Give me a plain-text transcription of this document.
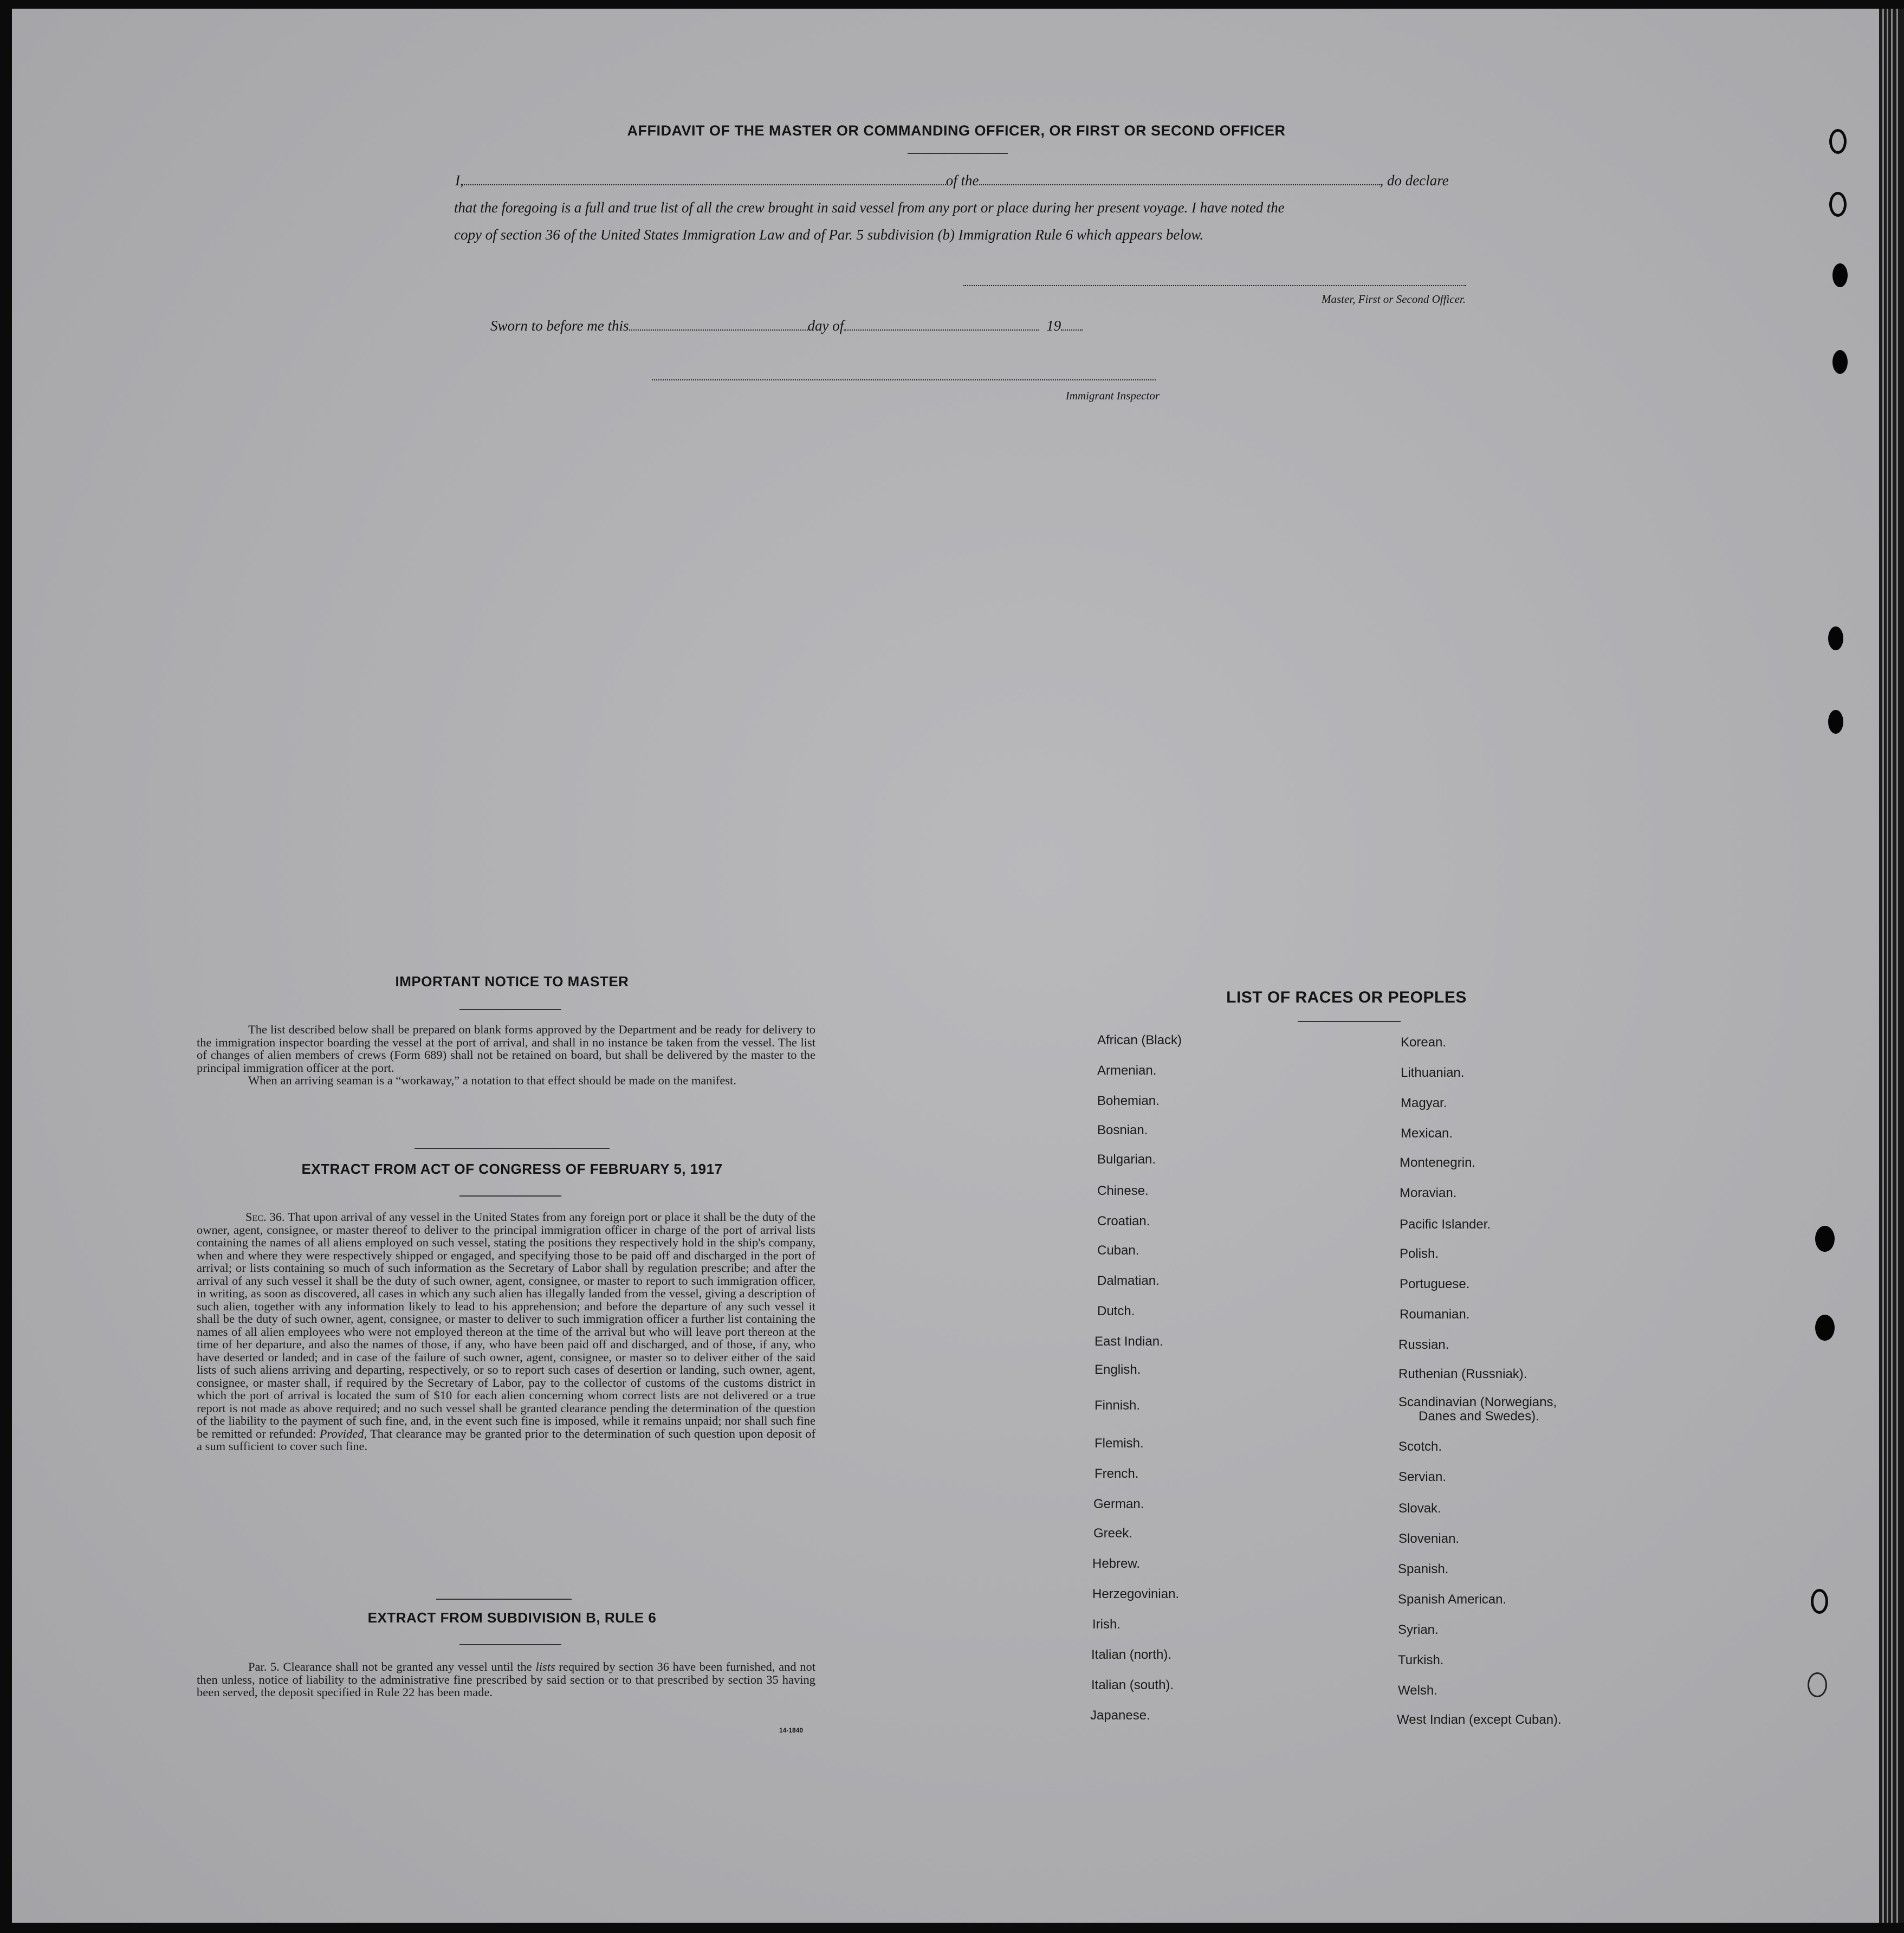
AFFIDAVIT OF THE MASTER OR COMMANDING OFFICER, OR FIRST OR SECOND OFFICER
I,	of the	, do declare
that the foregoing is a full and true list of all the crew brought in said vessel from any port or place during her present voyage. I have noted the
copy of section 36 of the United States Immigration Law and of Par. 5 subdivision (b) Immigration Rule 6 which appears below.
Master, First or Second Officer.
Sworn to before me this	day of	19
Immigrant Inspector
IMPORTANT NOTICE TO MASTER

The list described below shall be prepared on blank forms approved by the Department and be ready for delivery to the immigration inspector boarding the vessel at the port of arrival, and shall in no instance be taken from the vessel. The list of changes of alien members of crews (Form 689) shall not be retained on board, but shall be delivered by the master to the principal immigration officer at the port.

When an arriving seaman is a “workaway,” a notation to that effect should be made on the manifest.

EXTRACT FROM ACT OF CONGRESS OF FEBRUARY 5, 1917

Sec. 36. That upon arrival of any vessel in the United States from any foreign port or place it shall be the duty of the owner, agent, consignee, or master thereof to deliver to the principal immigration officer in charge of the port of arrival lists containing the names of all aliens employed on such vessel, stating the positions they respectively hold in the ship's company, when and where they were respectively shipped or engaged, and specifying those to be paid off and discharged in the port of arrival; or lists containing so much of such information as the Secretary of Labor shall by regulation prescribe; and after the arrival of any such vessel it shall be the duty of such owner, agent, consignee, or master to report to such immigration officer, in writing, as soon as discovered, all cases in which any such alien has illegally landed from the vessel, giving a description of such alien, together with any information likely to lead to his apprehension; and before the departure of any such vessel it shall be the duty of such owner, agent, consignee, or master to deliver to such immigration officer a further list containing the names of all alien employees who were not employed thereon at the time of the arrival but who will leave port thereon at the time of her departure, and also the names of those, if any, who have been paid off and discharged, and of those, if any, who have deserted or landed; and in case of the failure of such owner, agent, consignee, or master so to deliver either of the said lists of such aliens arriving and departing, respectively, or so to report such cases of desertion or landing, such owner, agent, consignee, or master shall, if required by the Secretary of Labor, pay to the collector of customs of the customs district in which the port of arrival is located the sum of $10 for each alien concerning whom correct lists are not delivered or a true report is not made as above required; and no such vessel shall be granted clearance pending the determination of the question of the liability to the payment of such fine, and, in the event such fine is imposed, while it remains unpaid; nor shall such fine be remitted or refunded: Provided, That clearance may be granted prior to the determination of such question upon deposit of a sum sufficient to cover such fine.

EXTRACT FROM SUBDIVISION B, RULE 6

Par. 5. Clearance shall not be granted any vessel until the lists required by section 36 have been furnished, and not then unless, notice of liability to the administrative fine prescribed by said section or to that prescribed by section 35 having been served, the deposit specified in Rule 22 has been made.

14-1840
LIST OF RACES OR PEOPLES
African (Black)
Armenian.
Bohemian.
Bosnian.
Bulgarian.
Chinese.
Croatian.
Cuban.
Dalmatian.
Dutch.
East Indian.
English.
Finnish.
Flemish.
French.
German.
Greek.
Hebrew.
Herzegovinian.
Irish.
Italian (north).
Italian (south).
Japanese.
Korean.
Lithuanian.
Magyar.
Mexican.
Montenegrin.
Moravian.
Pacific Islander.
Polish.
Portuguese.
Roumanian.
Russian.
Ruthenian (Russniak).
Scandinavian (Norwegians,
Danes and Swedes).
Scotch.
Servian.
Slovak.
Slovenian.
Spanish.
Spanish American.
Syrian.
Turkish.
Welsh.
West Indian (except Cuban).
